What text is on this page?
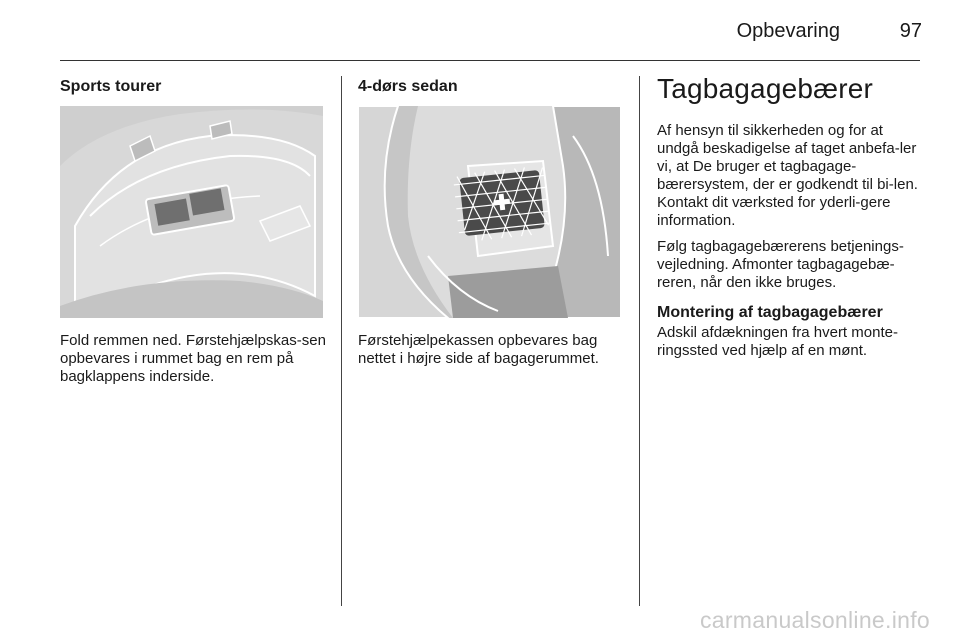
Opbevaring	97
Sports tourer

Fold remmen ned. Førstehjælpskas-sen opbevares i rummet bag en rem på bagklappens inderside.

4-dørs sedan

Førstehjælpekassen opbevares bag nettet i højre side af bagagerummet.

Tagbagagebærer

Af hensyn til sikkerheden og for at undgå beskadigelse af taget anbefa-ler vi, at De bruger et tagbagage-bærersystem, der er godkendt til bi-len. Kontakt dit værksted for yderli-gere information.

Følg tagbagagebærerens betjenings-vejledning. Afmonter tagbagagebæ-reren, når den ikke bruges.

Montering af tagbagagebærer

Adskil afdækningen fra hvert monte-ringssted ved hjælp af en mønt.

carmanualsonline.info
